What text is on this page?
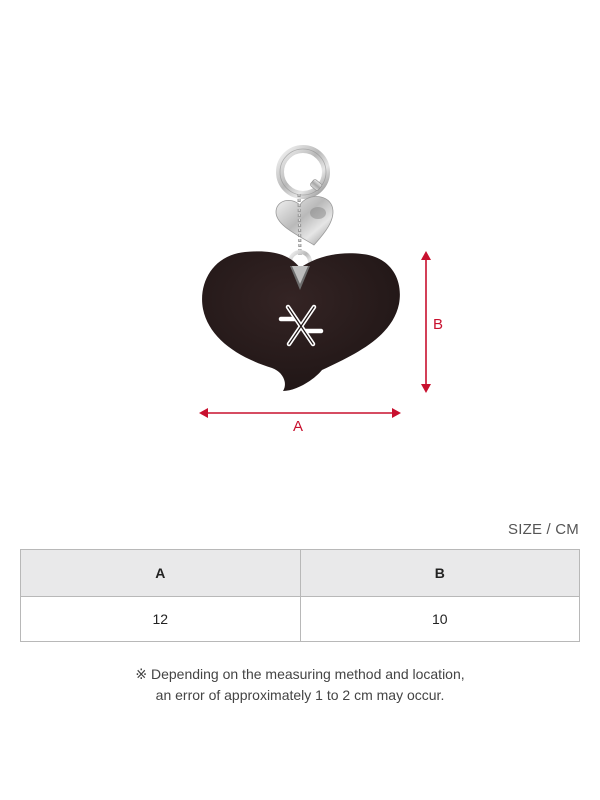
B
A
SIZE / CM
A	B
12	10
※ Depending on the measuring method and location,
an error of approximately 1 to 2 cm may occur.
